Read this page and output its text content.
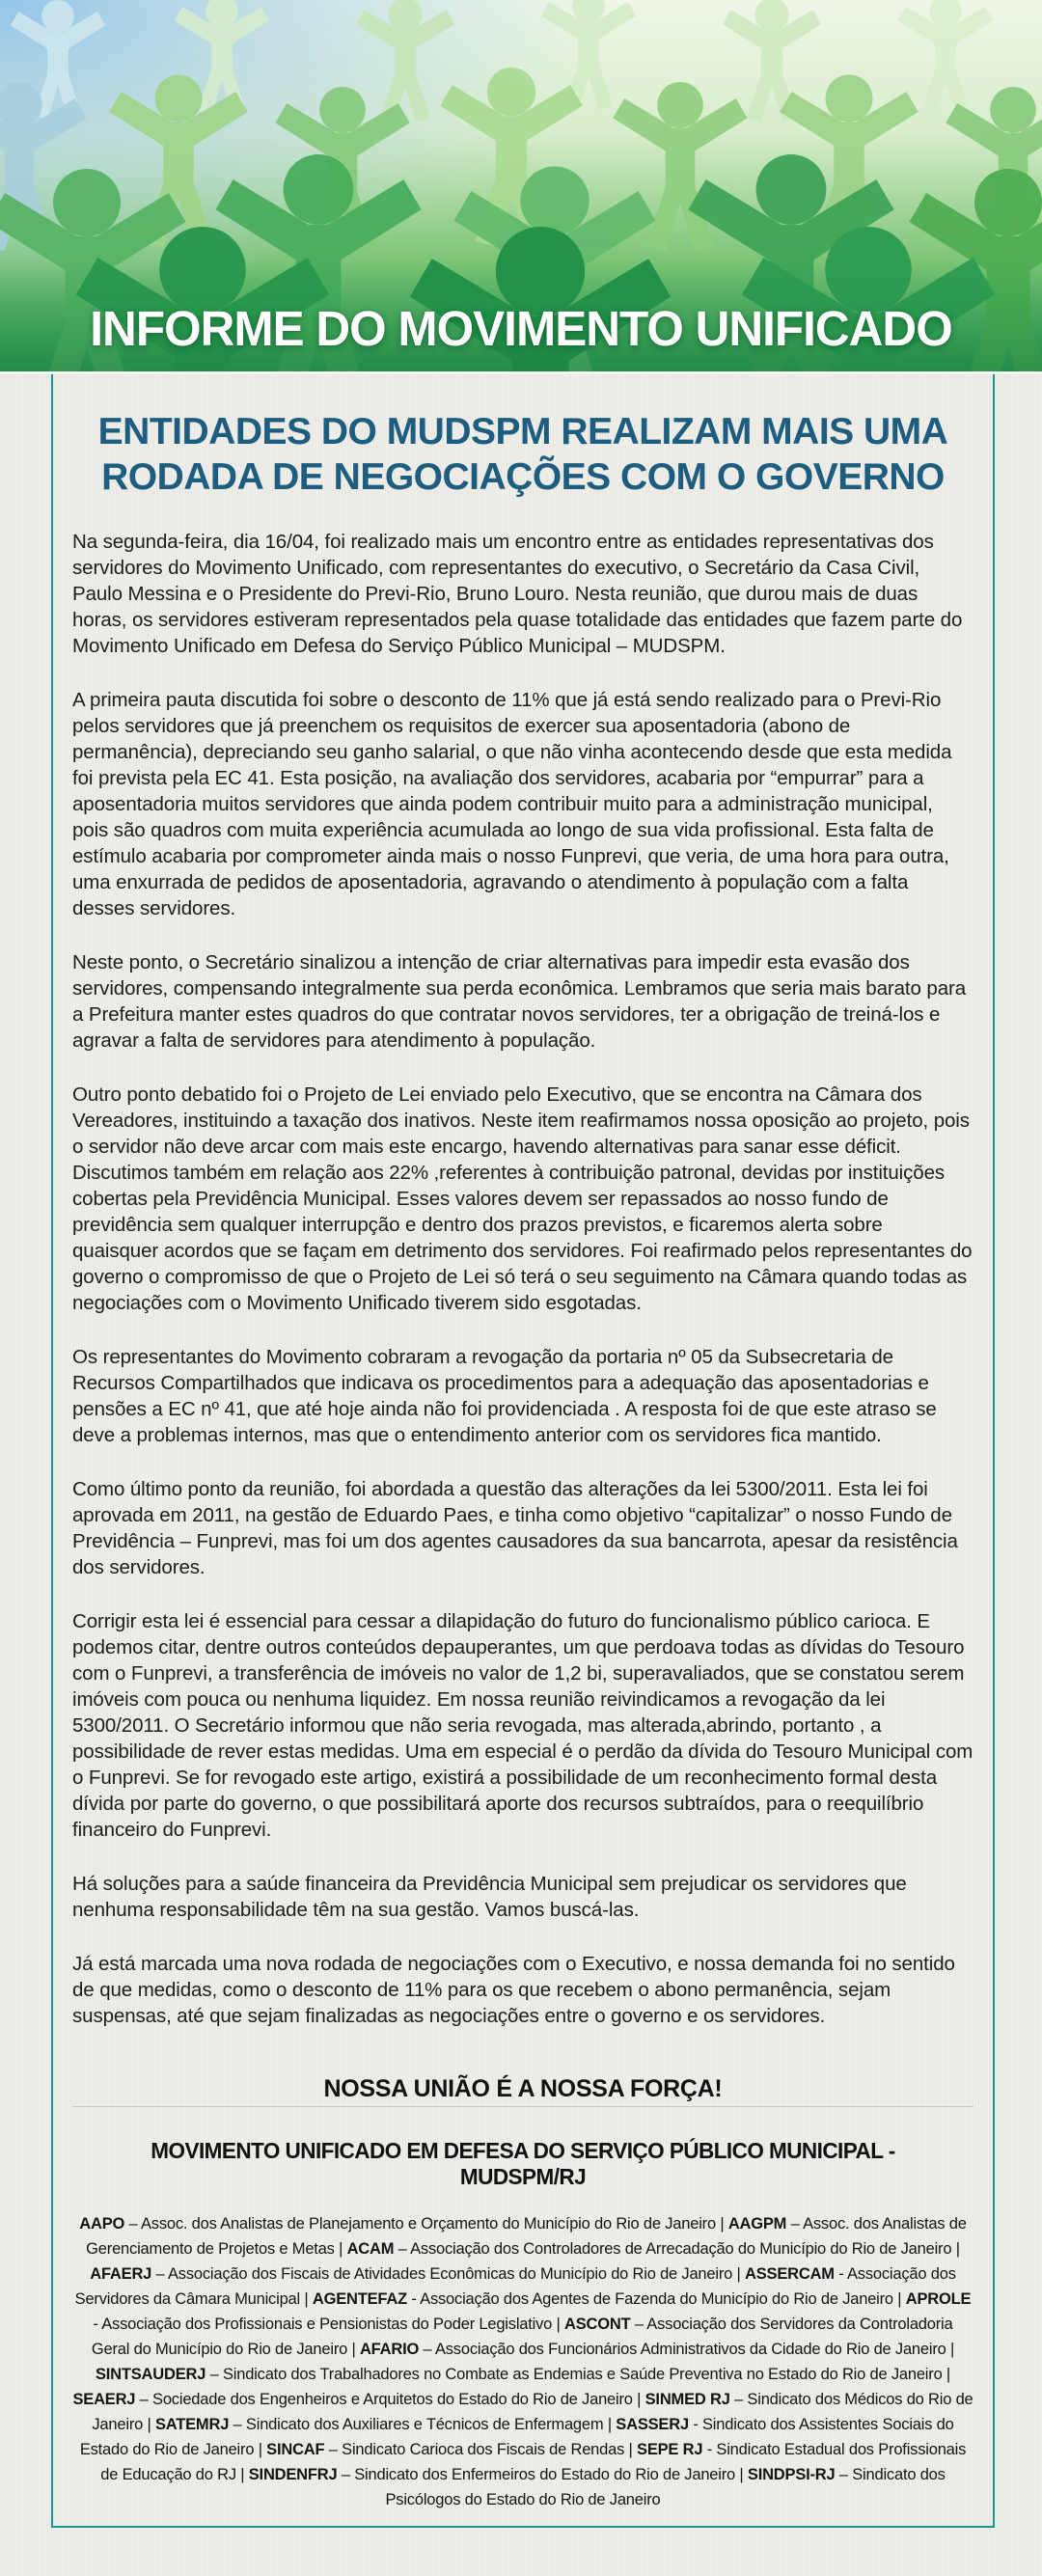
INFORME DO MOVIMENTO UNIFICADO
ENTIDADES DO MUDSPM REALIZAM MAIS UMA
RODADA DE NEGOCIAÇÕES COM O GOVERNO

Na segunda-feira, dia 16/04, foi realizado mais um encontro entre as entidades representativas dos servidores do Movimento Unificado, com representantes do executivo, o Secretário da Casa Civil, Paulo Messina e o Presidente do Previ-Rio, Bruno Louro. Nesta reunião, que durou mais de duas horas, os servidores estiveram representados pela quase totalidade das entidades que fazem parte do Movimento Unificado em Defesa do Serviço Público Municipal – MUDSPM.

A primeira pauta discutida foi sobre o desconto de 11% que já está sendo realizado para o Previ-Rio pelos servidores que já preenchem os requisitos de exercer sua aposentadoria (abono de permanência), depreciando seu ganho salarial, o que não vinha acontecendo desde que esta medida foi prevista pela EC 41. Esta posição, na avaliação dos servidores, acabaria por “empurrar” para a aposentadoria muitos servidores que ainda podem contribuir muito para a administração municipal, pois são quadros com muita experiência acumulada ao longo de sua vida profissional. Esta falta de estímulo acabaria por comprometer ainda mais o nosso Funprevi, que veria, de uma hora para outra, uma enxurrada de pedidos de aposentadoria, agravando o atendimento à população com a falta desses servidores.

Neste ponto, o Secretário sinalizou a intenção de criar alternativas para impedir esta evasão dos servidores, compensando integralmente sua perda econômica. Lembramos que seria mais barato para a Prefeitura manter estes quadros do que contratar novos servidores, ter a obrigação de treiná-los e agravar a falta de servidores para atendimento à população.

Outro ponto debatido foi o Projeto de Lei enviado pelo Executivo, que se encontra na Câmara dos Vereadores, instituindo a taxação dos inativos. Neste item reafirmamos nossa oposição ao projeto, pois o servidor não deve arcar com mais este encargo, havendo alternativas para sanar esse déficit. Discutimos também em relação aos 22% ,referentes à contribuição patronal, devidas por instituições cobertas pela Previdência Municipal. Esses valores devem ser repassados ao nosso fundo de previdência sem qualquer interrupção e dentro dos prazos previstos, e ficaremos alerta sobre quaisquer acordos que se façam em detrimento dos servidores. Foi reafirmado pelos representantes do governo o compromisso de que o Projeto de Lei só terá o seu seguimento na Câmara quando todas as negociações com o Movimento Unificado tiverem sido esgotadas.

Os representantes do Movimento cobraram a revogação da portaria nº 05 da Subsecretaria de Recursos Compartilhados que indicava os procedimentos para a adequação das aposentadorias e pensões a EC nº 41, que até hoje ainda não foi providenciada . A resposta foi de que este atraso se deve a problemas internos, mas que o entendimento anterior com os servidores fica mantido.

Como último ponto da reunião, foi abordada a questão das alterações da lei 5300/2011. Esta lei foi aprovada em 2011, na gestão de Eduardo Paes, e tinha como objetivo “capitalizar” o nosso Fundo de Previdência – Funprevi, mas foi um dos agentes causadores da sua bancarrota, apesar da resistência dos servidores.

Corrigir esta lei é essencial para cessar a dilapidação do futuro do funcionalismo público carioca. E podemos citar, dentre outros conteúdos depauperantes, um que perdoava todas as dívidas do Tesouro com o Funprevi, a transferência de imóveis no valor de 1,2 bi, superavaliados, que se constatou serem imóveis com pouca ou nenhuma liquidez. Em nossa reunião reivindicamos a revogação da lei 5300/2011. O Secretário informou que não seria revogada, mas alterada,abrindo, portanto , a possibilidade de rever estas medidas. Uma em especial é o perdão da dívida do Tesouro Municipal com o Funprevi. Se for revogado este artigo, existirá a possibilidade de um reconhecimento formal desta dívida por parte do governo, o que possibilitará aporte dos recursos subtraídos, para o reequilíbrio financeiro do Funprevi.

Há soluções para a saúde financeira da Previdência Municipal sem prejudicar os servidores que nenhuma responsabilidade têm na sua gestão. Vamos buscá-las.

Já está marcada uma nova rodada de negociações com o Executivo, e nossa demanda foi no sentido de que medidas, como o desconto de 11% para os que recebem o abono permanência, sejam suspensas, até que sejam finalizadas as negociações entre o governo e os servidores.

NOSSA UNIÃO É A NOSSA FORÇA!
MOVIMENTO UNIFICADO EM DEFESA DO SERVIÇO PÚBLICO MUNICIPAL - MUDSPM/RJ

AAPO – Assoc. dos Analistas de Planejamento e Orçamento do Município do Rio de Janeiro | AAGPM – Assoc. dos Analistas de Gerenciamento de Projetos e Metas | ACAM – Associação dos Controladores de Arrecadação do Município do Rio de Janeiro | AFAERJ – Associação dos Fiscais de Atividades Econômicas do Município do Rio de Janeiro | ASSERCAM - Associação dos Servidores da Câmara Municipal | AGENTEFAZ - Associação dos Agentes de Fazenda do Município do Rio de Janeiro | APROLE - Associação dos Profissionais e Pensionistas do Poder Legislativo | ASCONT – Associação dos Servidores da Controladoria Geral do Município do Rio de Janeiro | AFARIO – Associação dos Funcionários Administrativos da Cidade do Rio de Janeiro | SINTSAUDERJ – Sindicato dos Trabalhadores no Combate as Endemias e Saúde Preventiva no Estado do Rio de Janeiro | SEAERJ – Sociedade dos Engenheiros e Arquitetos do Estado do Rio de Janeiro | SINMED RJ – Sindicato dos Médicos do Rio de Janeiro | SATEMRJ – Sindicato dos Auxiliares e Técnicos de Enfermagem | SASSERJ - Sindicato dos Assistentes Sociais do Estado do Rio de Janeiro | SINCAF – Sindicato Carioca dos Fiscais de Rendas | SEPE RJ - Sindicato Estadual dos Profissionais de Educação do RJ | SINDENFRJ – Sindicato dos Enfermeiros do Estado do Rio de Janeiro | SINDPSI-RJ – Sindicato dos Psicólogos do Estado do Rio de Janeiro
